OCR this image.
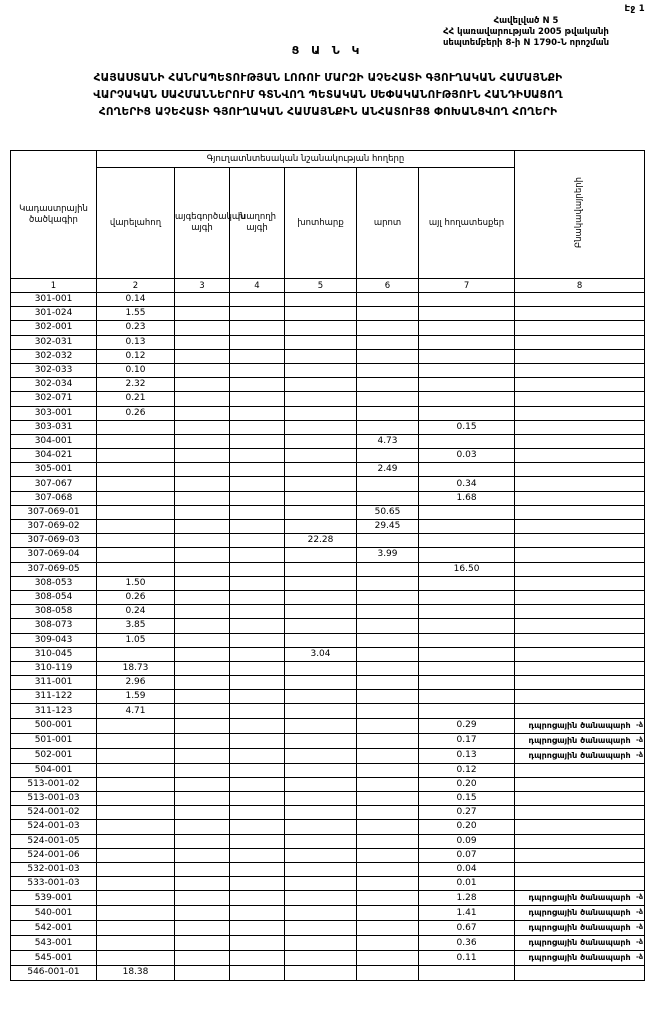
Էջ 1
Հավելված N 5
ՀՀ կառավարության 2005 թվականի
սեպտեմբերի 8-ի N 1790-Ն որոշման
Ց Ա Ն Կ
ՀԱՅԱՍՏԱՆԻ ՀԱՆՐԱՊԵՏՈՒԹՅԱՆ ԼՈՌՈՒ ՄԱՐԶԻ ԱՉԵՀԱՏԻ ԳՅՈՒՂԱԿԱՆ ՀԱՄԱՅՆՔԻ
ՎԱՐՉԱԿԱՆ ՍԱՀՄԱՆՆԵՐՈՒՄ ԳՏՆՎՈՂ ՊԵՏԱԿԱՆ ՍԵՓԱԿԱՆՈՒԹՅՈՒՆ ՀԱՆԴԻՍԱՑՈՂ
ՀՈՂԵՐԻՑ ԱՉԵՀԱՏԻ ԳՅՈՒՂԱԿԱՆ ՀԱՄԱՅՆՔԻՆ ԱՆՀԱՏՈՒՅՑ ՓՈԽԱՆՑՎՈՂ ՀՈՂԵՐԻ
Կադաստրային ծածկագիր	Գյուղատնտեսական նշանակության հողերը						Բնակավայրերի
	վարելահող	այգեգործական այգի	խաղողի այգի	խոտհարք	արոտ	այլ հողատեսքեր	
1	2	3	4	5	6	7	8
301-001	0.14						
301-024	1.55						
302-001	0.23						
302-031	0.13						
302-032	0.12						
302-033	0.10						
302-034	2.32						
302-071	0.21						
303-001	0.26						
303-031						0.15	
304-001					4.73		
304-021						0.03	
305-001					2.49		
307-067						0.34	
307-068						1.68	
307-069-01					50.65		
307-069-02					29.45		
307-069-03				22.28			
307-069-04					3.99		
307-069-05						16.50	
308-053	1.50						
308-054	0.26						
308-058	0.24						
308-073	3.85						
309-043	1.05						
310-045				3.04			
310-119	18.73						
311-001	2.96						
311-122	1.59						
311-123	4.71						
500-001						0.29	դպրոցային ծանապարհ -ձ

501-001						0.17	դպրոցային ծանապարհ -ձ

502-001						0.13	դպրոցային ծանապարհ -ձ

504-001						0.12	
513-001-02						0.20	
513-001-03						0.15	
524-001-02						0.27	
524-001-03						0.20	
524-001-05						0.09	
524-001-06						0.07	
532-001-03						0.04	
533-001-03						0.01	
539-001						1.28	դպրոցային ծանապարհ -ձ

540-001						1.41	դպրոցային ծանապարհ -ձ

542-001						0.67	դպրոցային ծանապարհ -ձ

543-001						0.36	դպրոցային ծանապարհ -ձ

545-001						0.11	դպրոցային ծանապարհ -ձ

546-001-01	18.38						
